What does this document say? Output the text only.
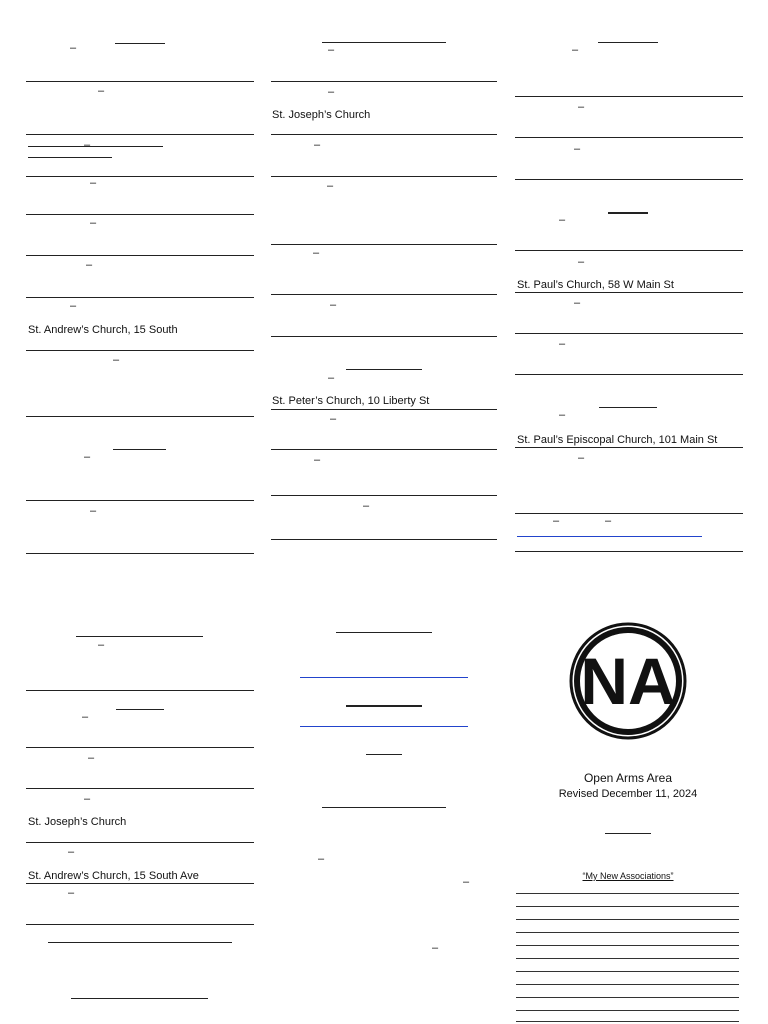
–
–
–
–
–
–
–
St. Andrew’s Church, 15 South
–
–
–
–
–
St. Joseph’s Church
–
–
–
–
–
St. Peter’s Church, 10 Liberty St
–
–
–
–
–
–
–
–
St. Paul’s Church, 58 W Main St
–
–
–
St. Paul’s Episcopal Church, 101 Main St
–
–	–
–
–
–
–
St. Joseph’s Church
–
St. Andrew’s Church, 15 South Ave
–
–
–
–
NA
Open Arms Area
Revised December 11, 2024
“My New Associations”
